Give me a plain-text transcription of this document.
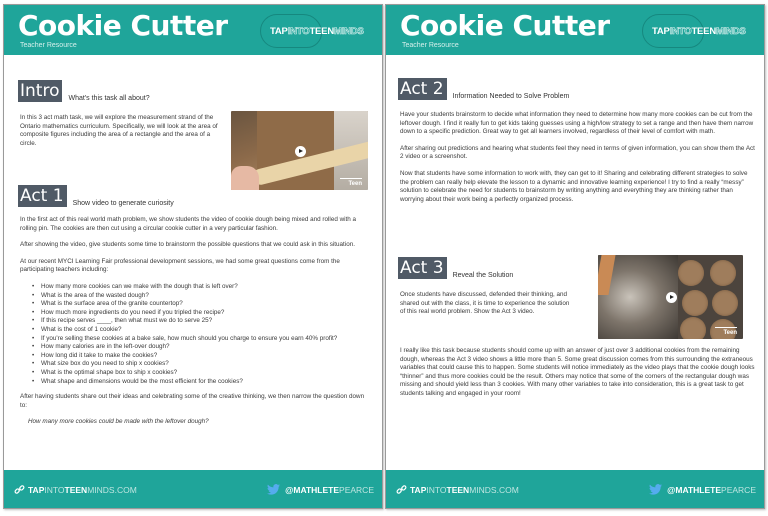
Cookie Cutter
Teacher Resource
TAPINTOTEENMINDS
Intro	What's this task all about?

In this 3 act math task, we will explore the measurement strand of the Ontario mathematics curriculum. Specifically, we will look at the area of composite figures including the area of a rectangle and the area of a circle.

Teen
Act 1	Show video to generate curiosity

In the first act of this real world math problem, we show students the video of cookie dough being mixed and rolled with a rolling pin. The cookies are then cut using a circular cookie cutter in a very particular fashion.

After showing the video, give students some time to brainstorm the possible questions that we could ask in this situation.

At our recent MYCI Learning Fair professional development sessions, we had some great questions come from the participating teachers including:

• How many more cookies can we make with the dough that is left over?
• What is the area of the wasted dough?
• What is the surface area of the granite countertop?
• How much more ingredients do you need if you tripled the recipe?
• If this recipe serves ____, then what must we do to serve 25?
• What is the cost of 1 cookie?
• If you're selling these cookies at a bake sale, how much should you charge to ensure you earn 40% profit?
• How many calories are in the left-over dough?
• How long did it take to make the cookies?
• What size box do you need to ship x cookies?
• What is the optimal shape box to ship x cookies?
• What shape and dimensions would be the most efficient for the cookies?

After having students share out their ideas and celebrating some of the creative thinking, we then narrow the question down to:

How many more cookies could be made with the leftover dough?

TAPINTOTEENMINDS.COM	@MATHLETEPEARCE
Cookie Cutter
Teacher Resource
TAPINTOTEENMINDS
Act 2	Information Needed to Solve Problem

Have your students brainstorm to decide what information they need to determine how many more cookies can be cut from the leftover dough. I find it really fun to get kids taking guesses using a high/low strategy to set a range and then have them narrow down to a specific prediction. Great way to get all learners involved, regardless of their level of comfort with math.

After sharing out predictions and hearing what students feel they need in terms of given information, you can show them the Act 2 video or a screenshot.

Now that students have some information to work with, they can get to it! Sharing and celebrating different strategies to solve the problem can really help elevate the lesson to a dynamic and innovative learning experience! I try to find a really “messy” solution to celebrate the need for students to brainstorm by writing anything and everything they are thinking rather than worrying about their work being a perfectly organized process.

Act 3	Reveal the Solution

Once students have discussed, defended their thinking, and shared out with the class, it is time to experience the solution of this real world problem. Show the Act 3 video.

Teen

I really like this task because students should come up with an answer of just over 3 additional cookies from the remaining dough, whereas the Act 3 video shows a little more than 5. Some great discussion comes from this surrounding the extraneous variables that could cause this to happen. Some students will notice immediately as the video plays that the cookie dough looks “thinner” and thus more cookies could be the result. Others may notice that some of the corners of the rectangular dough was missing and should yield less than 3 cookies. With many other variables to take into consideration, this is a great task to get students talking and engaged in your room!

TAPINTOTEENMINDS.COM	@MATHLETEPEARCE
